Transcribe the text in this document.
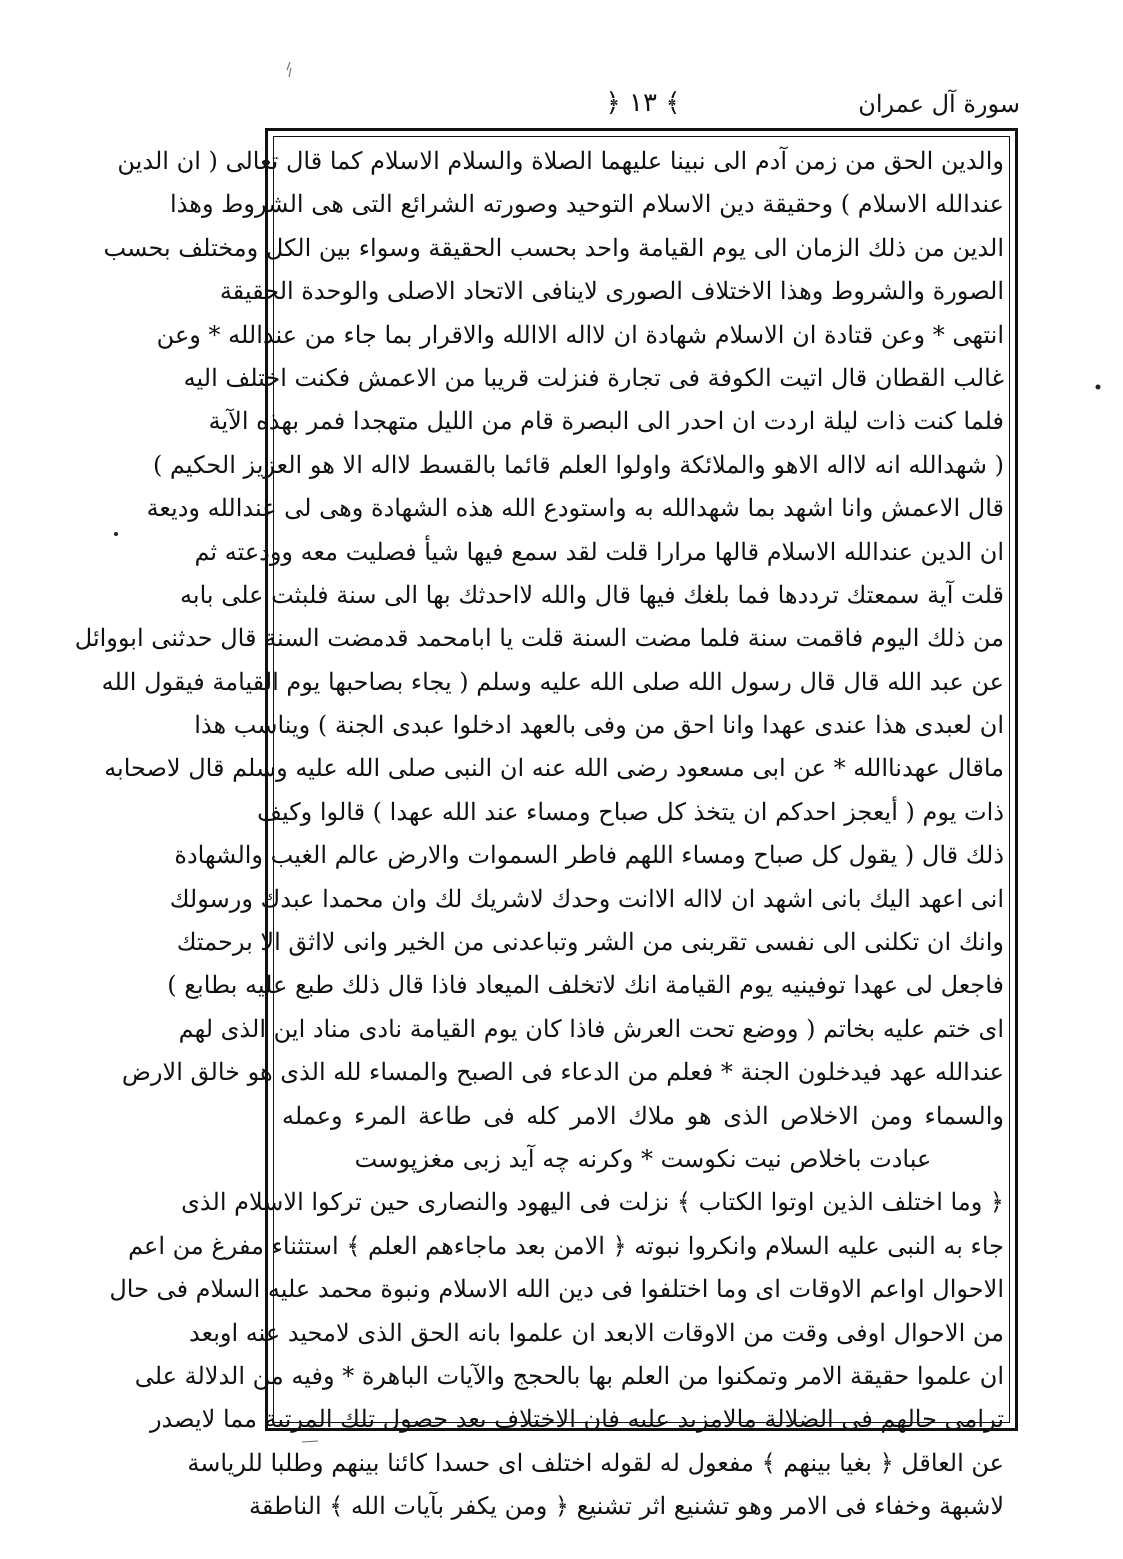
سورة آل عمران
﴾ ١٣ ﴿
والدين الحق من زمن آدم الى نبينا عليهما الصلاة والسلام الاسلام كما قال تعالى ( ان الدين
عندالله الاسلام ) وحقيقة دين الاسلام التوحيد وصورته الشرائع التى هى الشروط وهذا
الدين من ذلك الزمان الى يوم القيامة واحد بحسب الحقيقة وسواء بين الكل ومختلف بحسب
الصورة والشروط وهذا الاختلاف الصورى لاينافى الاتحاد الاصلى والوحدة الحقيقة
انتهى * وعن قتادة ان الاسلام شهادة ان لااله الاالله والاقرار بما جاء من عندالله * وعن
غالب القطان قال اتيت الكوفة فى تجارة فنزلت قريبا من الاعمش فكنت اختلف اليه
فلما كنت ذات ليلة اردت ان احدر الى البصرة قام من الليل متهجدا فمر بهذه الآية
( شهدالله انه لااله الاهو والملائكة واولوا العلم قائما بالقسط لااله الا هو العزيز الحكيم )
قال الاعمش وانا اشهد بما شهدالله به واستودع الله هذه الشهادة وهى لى عندالله وديعة
ان الدين عندالله الاسلام قالها مرارا قلت لقد سمع فيها شيأ فصليت معه وودعته ثم
قلت آية سمعتك ترددها فما بلغك فيها قال والله لااحدثك بها الى سنة فلبثت على بابه
من ذلك اليوم فاقمت سنة فلما مضت السنة قلت يا ابامحمد قدمضت السنة قال حدثنى ابووائل
عن عبد الله قال قال رسول الله صلى الله عليه وسلم ( يجاء بصاحبها يوم القيامة فيقول الله
ان لعبدى هذا عندى عهدا وانا احق من وفى بالعهد ادخلوا عبدى الجنة ) ويناسب هذا
ماقال عهدناالله * عن ابى مسعود رضى الله عنه ان النبى صلى الله عليه وسلم قال لاصحابه
ذات يوم ( أيعجز احدكم ان يتخذ كل صباح ومساء عند الله عهدا ) قالوا وكيف
ذلك قال ( يقول كل صباح ومساء اللهم فاطر السموات والارض عالم الغيب والشهادة
انى اعهد اليك بانى اشهد ان لااله الاانت وحدك لاشريك لك وان محمدا عبدك ورسولك
وانك ان تكلنى الى نفسى تقربنى من الشر وتباعدنى من الخير وانى لااثق الا برحمتك
فاجعل لى عهدا توفينيه يوم القيامة انك لاتخلف الميعاد فاذا قال ذلك طبع عليه بطابع )
اى ختم عليه بخاتم ( ووضع تحت العرش فاذا كان يوم القيامة نادى مناد اين الذى لهم
عندالله عهد فيدخلون الجنة * فعلم من الدعاء فى الصبح والمساء لله الذى هو خالق الارض
والسماء ومن الاخلاص الذى هو ملاك الامر كله فى طاعة المرء وعمله
عبادت باخلاص نيت نكوست * وكرنه چه آيد زبى مغزپوست
﴿ وما اختلف الذين اوتوا الكتاب ﴾ نزلت فى اليهود والنصارى حين تركوا الاسلام الذى
جاء به النبى عليه السلام وانكروا نبوته ﴿ الامن بعد ماجاءهم العلم ﴾ استثناء مفرغ من اعم
الاحوال اواعم الاوقات اى وما اختلفوا فى دين الله الاسلام ونبوة محمد عليه السلام فى حال
من الاحوال اوفى وقت من الاوقات الابعد ان علموا بانه الحق الذى لامحيد عنه اوبعد
ان علموا حقيقة الامر وتمكنوا من العلم بها بالحجج والآيات الباهرة * وفيه من الدلالة على
ترامى حالهم فى الضلالة مالامزيد عليه فان الاختلاف بعد حصول تلك المرتبة مما لايصدر
عن العاقل ﴿ بغيا بينهم ﴾ مفعول له لقوله اختلف اى حسدا كائنا بينهم وطلبا للرياسة
لاشبهة وخفاء فى الامر وهو تشنيع اثر تشنيع ﴿ ومن يكفر بآيات الله ﴾ الناطقة
